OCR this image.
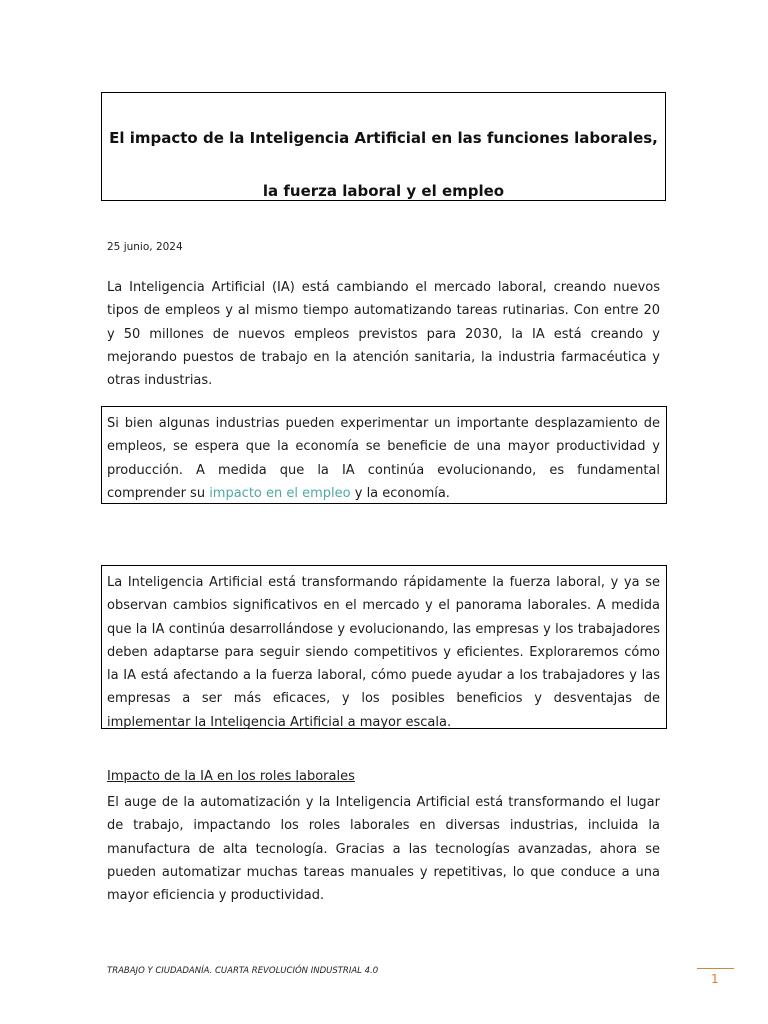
El impacto de la Inteligencia Artificial en las funciones laborales,
la fuerza laboral y el empleo
25 junio, 2024
La Inteligencia Artificial (IA) está cambiando el mercado laboral, creando nuevos tipos de empleos y al mismo tiempo automatizando tareas rutinarias. Con entre 20 y 50 millones de nuevos empleos previstos para 2030, la IA está creando y mejorando puestos de trabajo en la atención sanitaria, la industria farmacéutica y otras industrias.
Si bien algunas industrias pueden experimentar un importante desplazamiento de empleos, se espera que la economía se beneficie de una mayor productividad y producción. A medida que la IA continúa evolucionando, es fundamental comprender su impacto en el empleo y la economía.
La Inteligencia Artificial está transformando rápidamente la fuerza laboral, y ya se observan cambios significativos en el mercado y el panorama laborales. A medida que la IA continúa desarrollándose y evolucionando, las empresas y los trabajadores deben adaptarse para seguir siendo competitivos y eficientes. Exploraremos cómo la IA está afectando a la fuerza laboral, cómo puede ayudar a los trabajadores y las empresas a ser más eficaces, y los posibles beneficios y desventajas de implementar la Inteligencia Artificial a mayor escala.
Impacto de la IA en los roles laborales
El auge de la automatización y la Inteligencia Artificial está transformando el lugar de trabajo, impactando los roles laborales en diversas industrias, incluida la manufactura de alta tecnología. Gracias a las tecnologías avanzadas, ahora se pueden automatizar muchas tareas manuales y repetitivas, lo que conduce a una mayor eficiencia y productividad.
TRABAJO Y CIUDADANÍA. CUARTA REVOLUCIÓN INDUSTRIAL 4.0
1
